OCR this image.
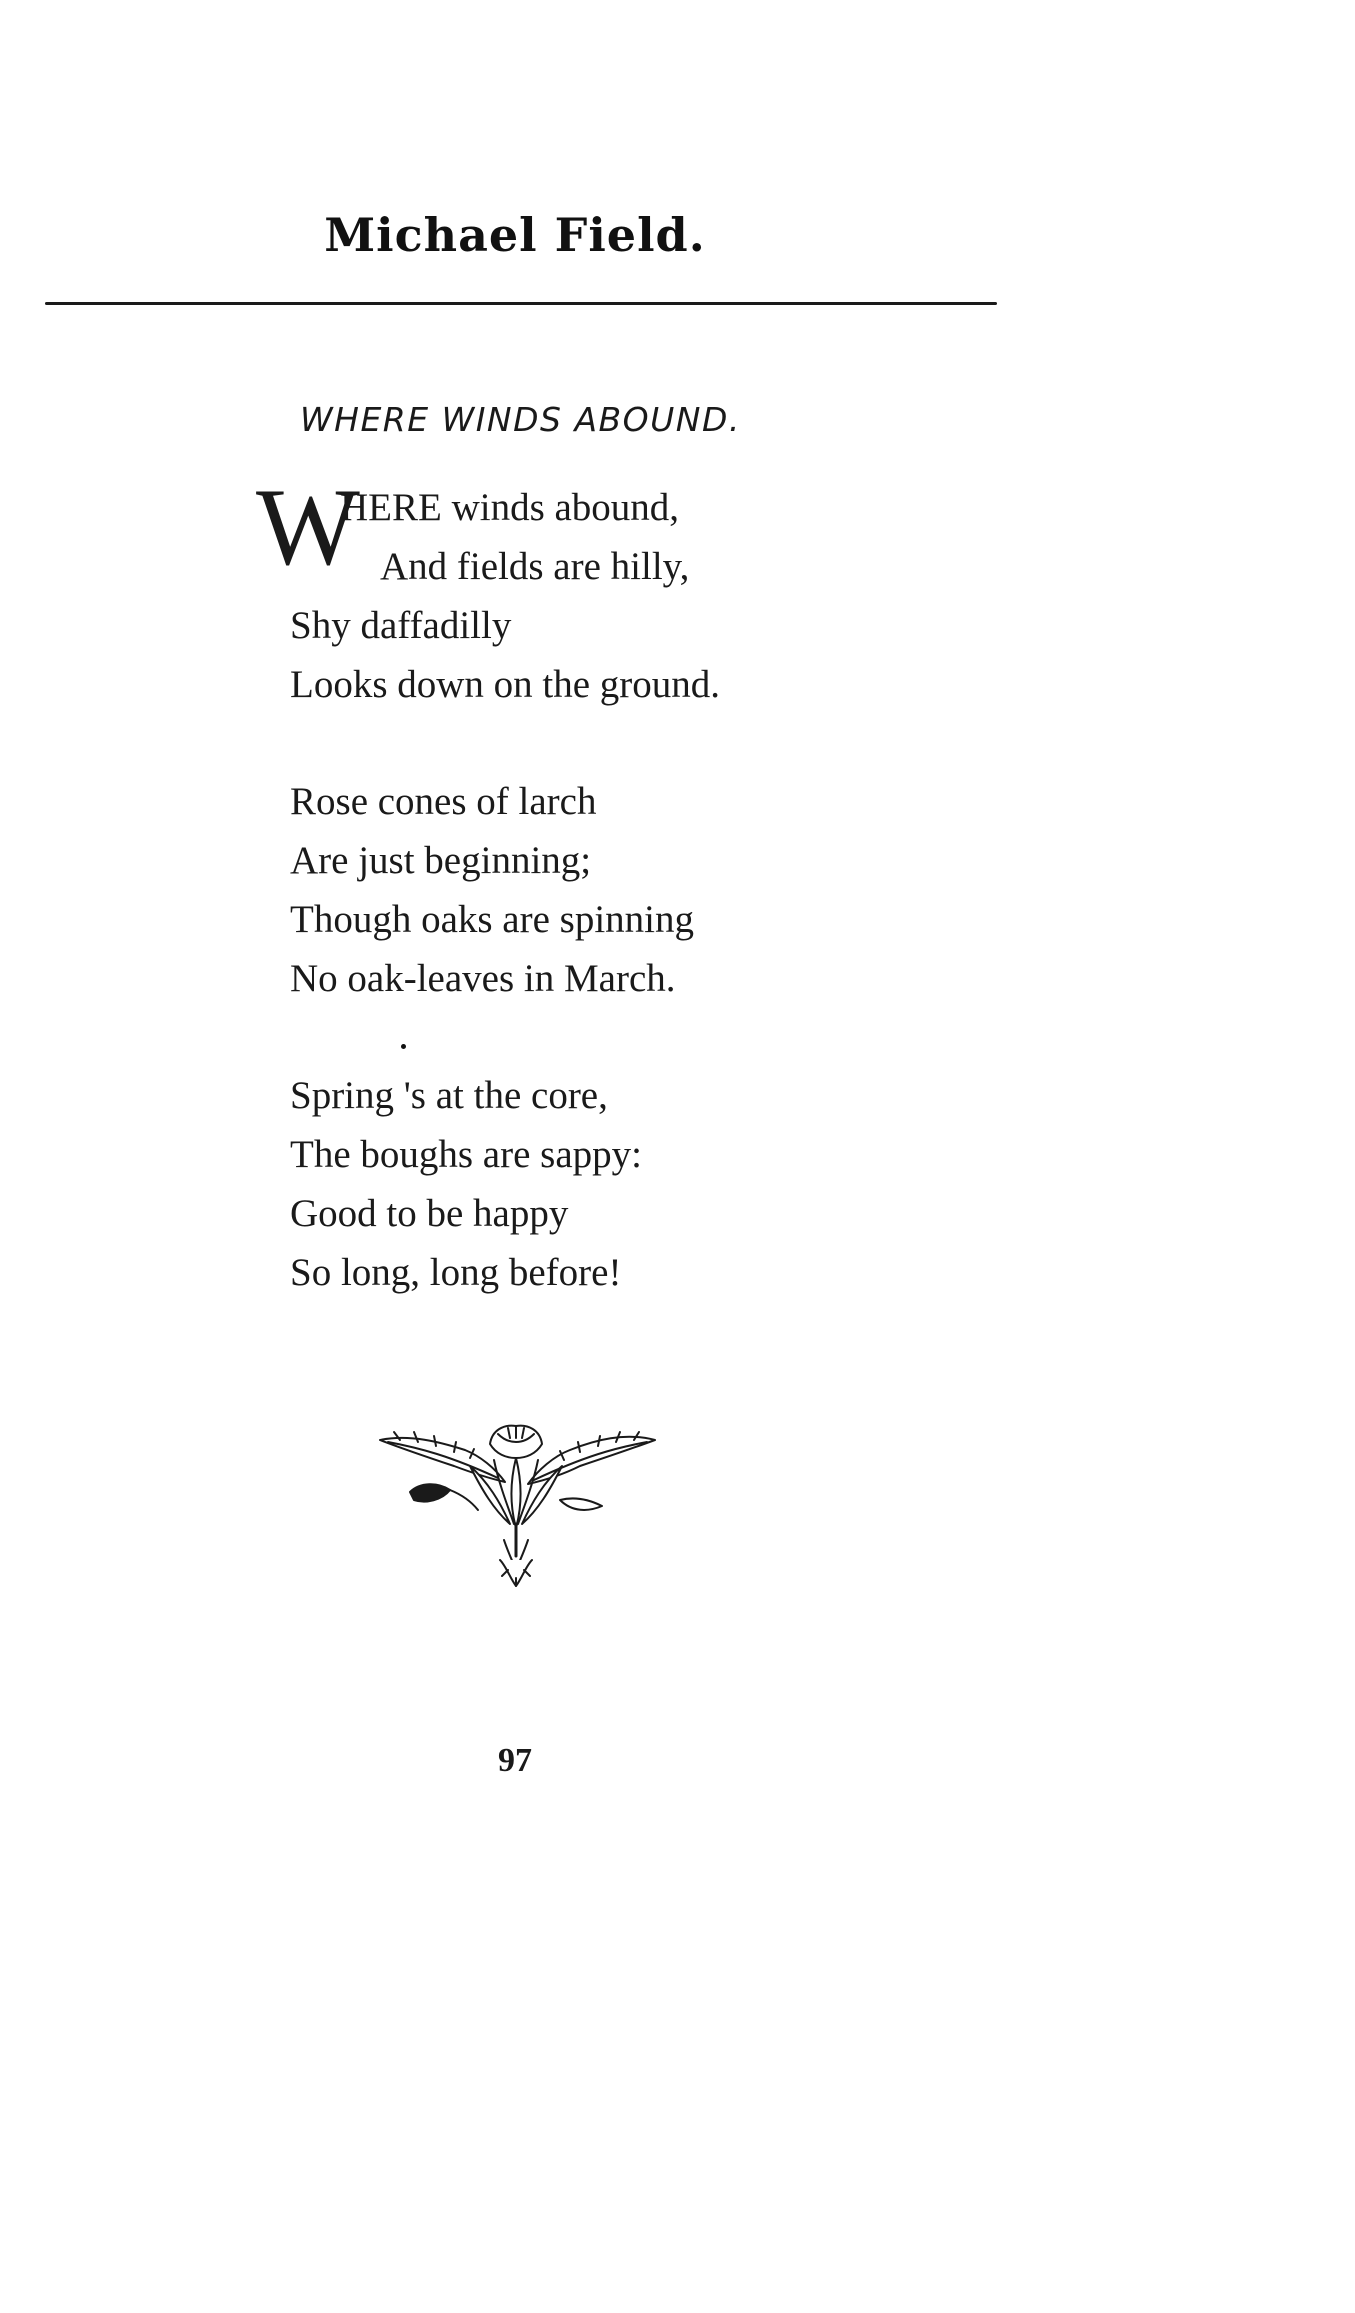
Michael Field.
WHERE WINDS ABOUND.
W
HERE winds abound,
And fields are hilly,
Shy daffadilly
Looks down on the ground.
Rose cones of larch
Are just beginning;
Though oaks are spinning
No oak-leaves in March.
Spring 's at the core,
The boughs are sappy:
Good to be happy
So long, long before!
97
